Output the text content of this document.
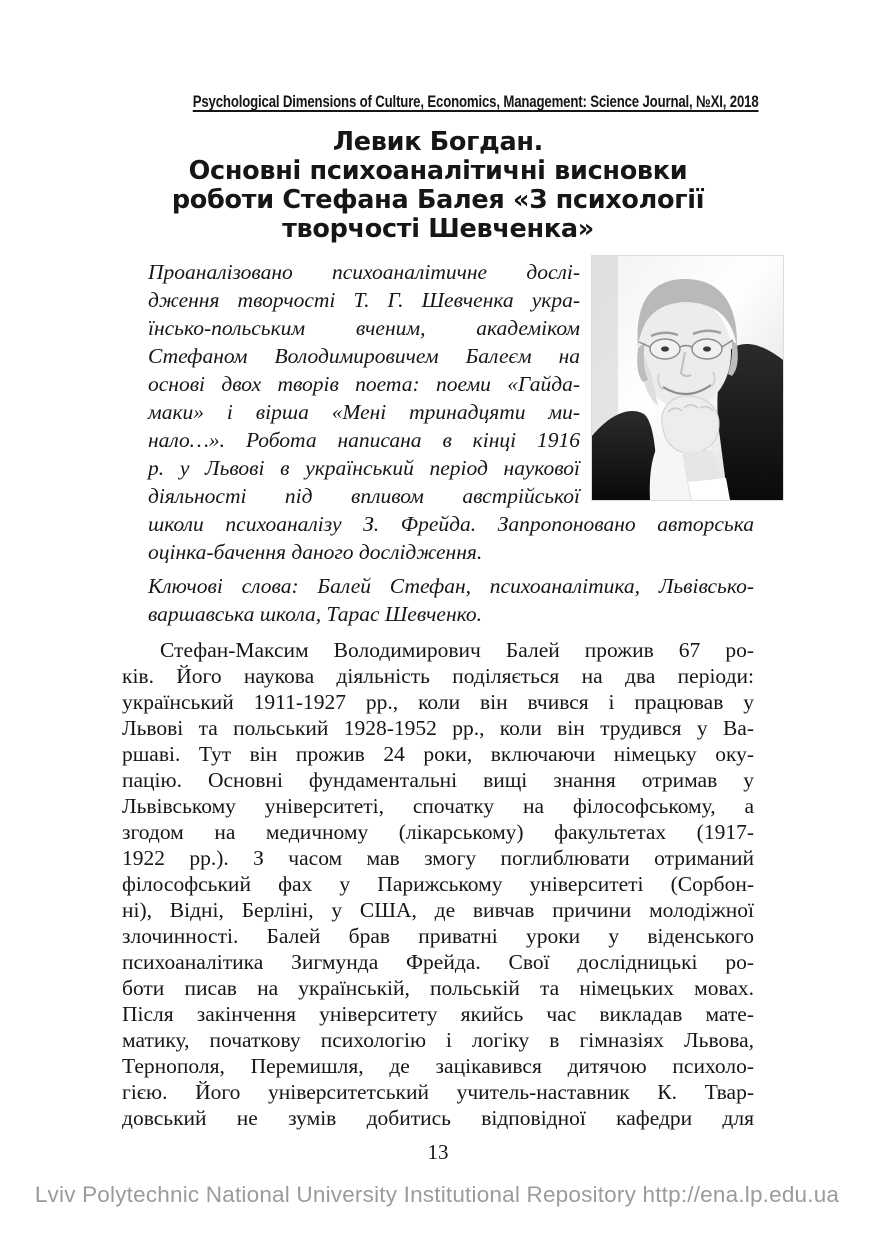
Psychological Dimensions of Culture, Economics, Management: Science Journal, №XI, 2018
Левик Богдан.
Основні психоаналітичні висновки
роботи Стефана Балея «З психології
творчості Шевченка»
Проаналізовано психоаналітичне дослі-
дження творчості Т. Г. Шевченка укра-
їнсько-польським вченим, академіком
Стефаном Володимировичем Балеєм на
основі двох творів поета: поеми «Гайда-
маки» і вірша «Мені тринадцяти ми-
нало…». Робота написана в кінці 1916
р. у Львові в український період наукової
діяльності під впливом австрійської
школи психоаналізу З. Фрейда. Запропоновано авторська
оцінка-бачення даного дослідження.
Ключові слова: Балей Стефан, психоаналітика, Львівсько-
варшавська школа, Тарас Шевченко.
Стефан-Максим Володимирович Балей прожив 67 ро-
ків. Його наукова діяльність поділяється на два періоди:
український 1911-1927 рр., коли він вчився і працював у
Львові та польський 1928-1952 рр., коли він трудився у Ва-
ршаві. Тут він прожив 24 роки, включаючи німецьку оку-
пацію. Основні фундаментальні вищі знання отримав у
Львівському університеті, спочатку на філософському, а
згодом на медичному (лікарському) факультетах (1917-
1922 рр.). З часом мав змогу поглиблювати отриманий
філософський фах у Парижському університеті (Сорбон-
ні), Відні, Берліні, у США, де вивчав причини молодіжної
злочинності. Балей брав приватні уроки у віденського
психоаналітика Зигмунда Фрейда. Свої дослідницькі ро-
боти писав на українській, польській та німецьких мовах.
Після закінчення університету якийсь час викладав мате-
матику, початкову психологію і логіку в гімназіях Львова,
Тернополя, Перемишля, де зацікавився дитячою психоло-
гією. Його університетський учитель-наставник К. Твар-
довський не зумів добитись відповідної кафедри для
13
Lviv Polytechnic National University Institutional Repository http://ena.lp.edu.ua
